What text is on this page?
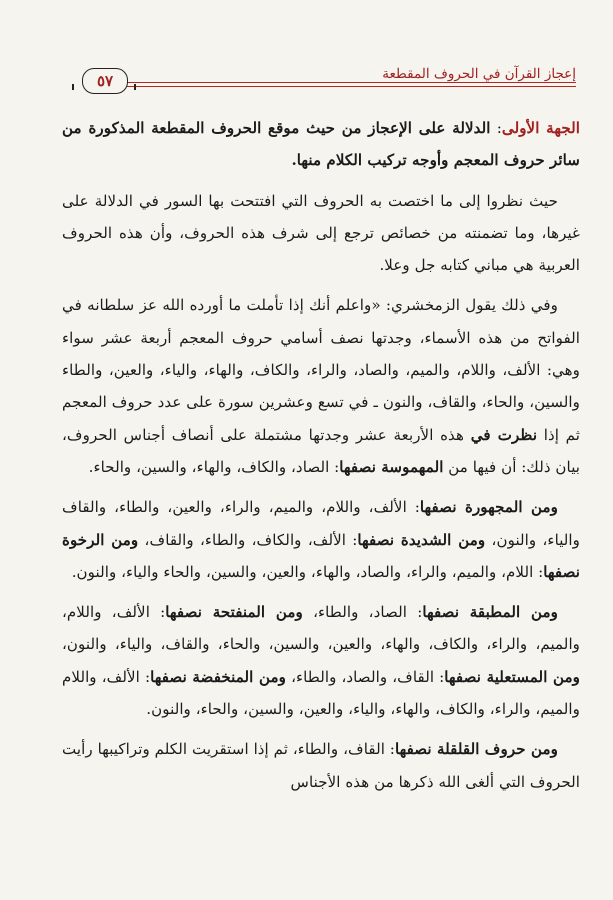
إعجاز القرآن في الحروف المقطعة
٥٧

الجهة الأولى: الدلالة على الإعجاز من حيث موقع الحروف المقطعة المذكورة من سائر حروف المعجم وأوجه تركيب الكلام منها.

حيث نظروا إلى ما اختصت به الحروف التي افتتحت بها السور في الدلالة على غيرها، وما تضمنته من خصائص ترجع إلى شرف هذه الحروف، وأن هذه الحروف العربية هي مباني كتابه جل وعلا.

وفي ذلك يقول الزمخشري: «واعلم أنك إذا تأملت ما أورده الله عز سلطانه في الفواتح من هذه الأسماء، وجدتها نصف أسامي حروف المعجم أربعة عشر سواء وهي: الألف، واللام، والميم، والصاد، والراء، والكاف، والهاء، والياء، والعين، والطاء والسين، والحاء، والقاف، والنون ـ في تسع وعشرين سورة على عدد حروف المعجم ثم إذا نظرت في هذه الأربعة عشر وجدتها مشتملة على أنصاف أجناس الحروف، بيان ذلك: أن فيها من المهموسة نصفها: الصاد، والكاف، والهاء، والسين، والحاء.

ومن المجهورة نصفها: الألف، واللام، والميم، والراء، والعين، والطاء، والقاف والياء، والنون، ومن الشديدة نصفها: الألف، والكاف، والطاء، والقاف، ومن الرخوة نصفها: اللام، والميم، والراء، والصاد، والهاء، والعين، والسين، والحاء والياء، والنون.

ومن المطبقة نصفها: الصاد، والطاء، ومن المنفتحة نصفها: الألف، واللام، والميم، والراء، والكاف، والهاء، والعين، والسين، والحاء، والقاف، والياء، والنون، ومن المستعلية نصفها: القاف، والصاد، والطاء، ومن المنخفضة نصفها: الألف، واللام والميم، والراء، والكاف، والهاء، والياء، والعين، والسين، والحاء، والنون.

ومن حروف القلقلة نصفها: القاف، والطاء، ثم إذا استقريت الكلم وتراكيبها رأيت الحروف التي ألغى الله ذكرها من هذه الأجناس
